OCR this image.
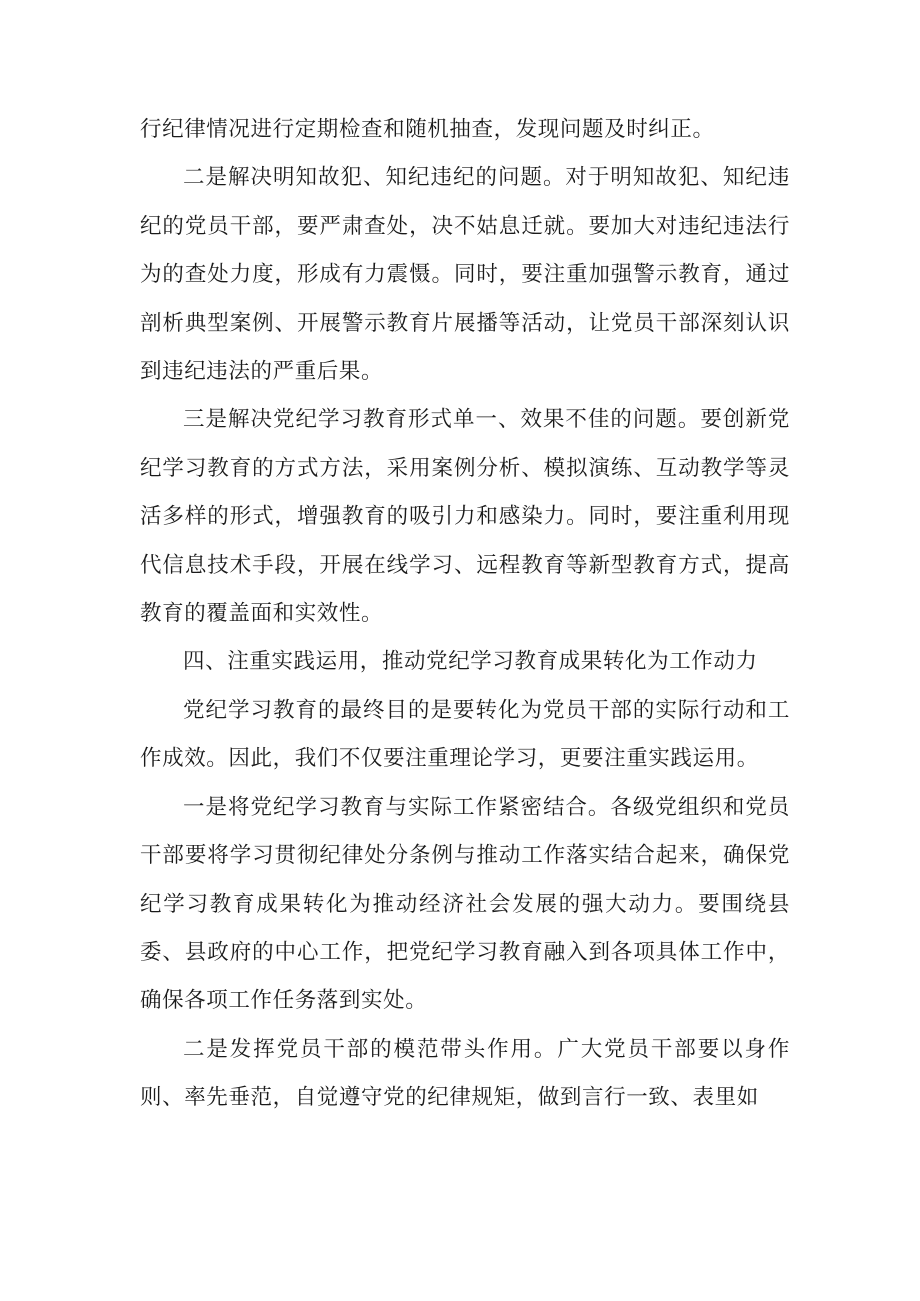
行纪律情况进行定期检查和随机抽查，发现问题及时纠正。

二是解决明知故犯、知纪违纪的问题。对于明知故犯、知纪违纪的党员干部，要严肃查处，决不姑息迁就。要加大对违纪违法行为的查处力度，形成有力震慑。同时，要注重加强警示教育，通过剖析典型案例、开展警示教育片展播等活动，让党员干部深刻认识到违纪违法的严重后果。

三是解决党纪学习教育形式单一、效果不佳的问题。要创新党纪学习教育的方式方法，采用案例分析、模拟演练、互动教学等灵活多样的形式，增强教育的吸引力和感染力。同时，要注重利用现代信息技术手段，开展在线学习、远程教育等新型教育方式，提高教育的覆盖面和实效性。

四、注重实践运用，推动党纪学习教育成果转化为工作动力

党纪学习教育的最终目的是要转化为党员干部的实际行动和工作成效。因此，我们不仅要注重理论学习，更要注重实践运用。

一是将党纪学习教育与实际工作紧密结合。各级党组织和党员干部要将学习贯彻纪律处分条例与推动工作落实结合起来，确保党纪学习教育成果转化为推动经济社会发展的强大动力。要围绕县委、县政府的中心工作，把党纪学习教育融入到各项具体工作中，确保各项工作任务落到实处。

二是发挥党员干部的模范带头作用。广大党员干部要以身作则、率先垂范，自觉遵守党的纪律规矩，做到言行一致、表里如
